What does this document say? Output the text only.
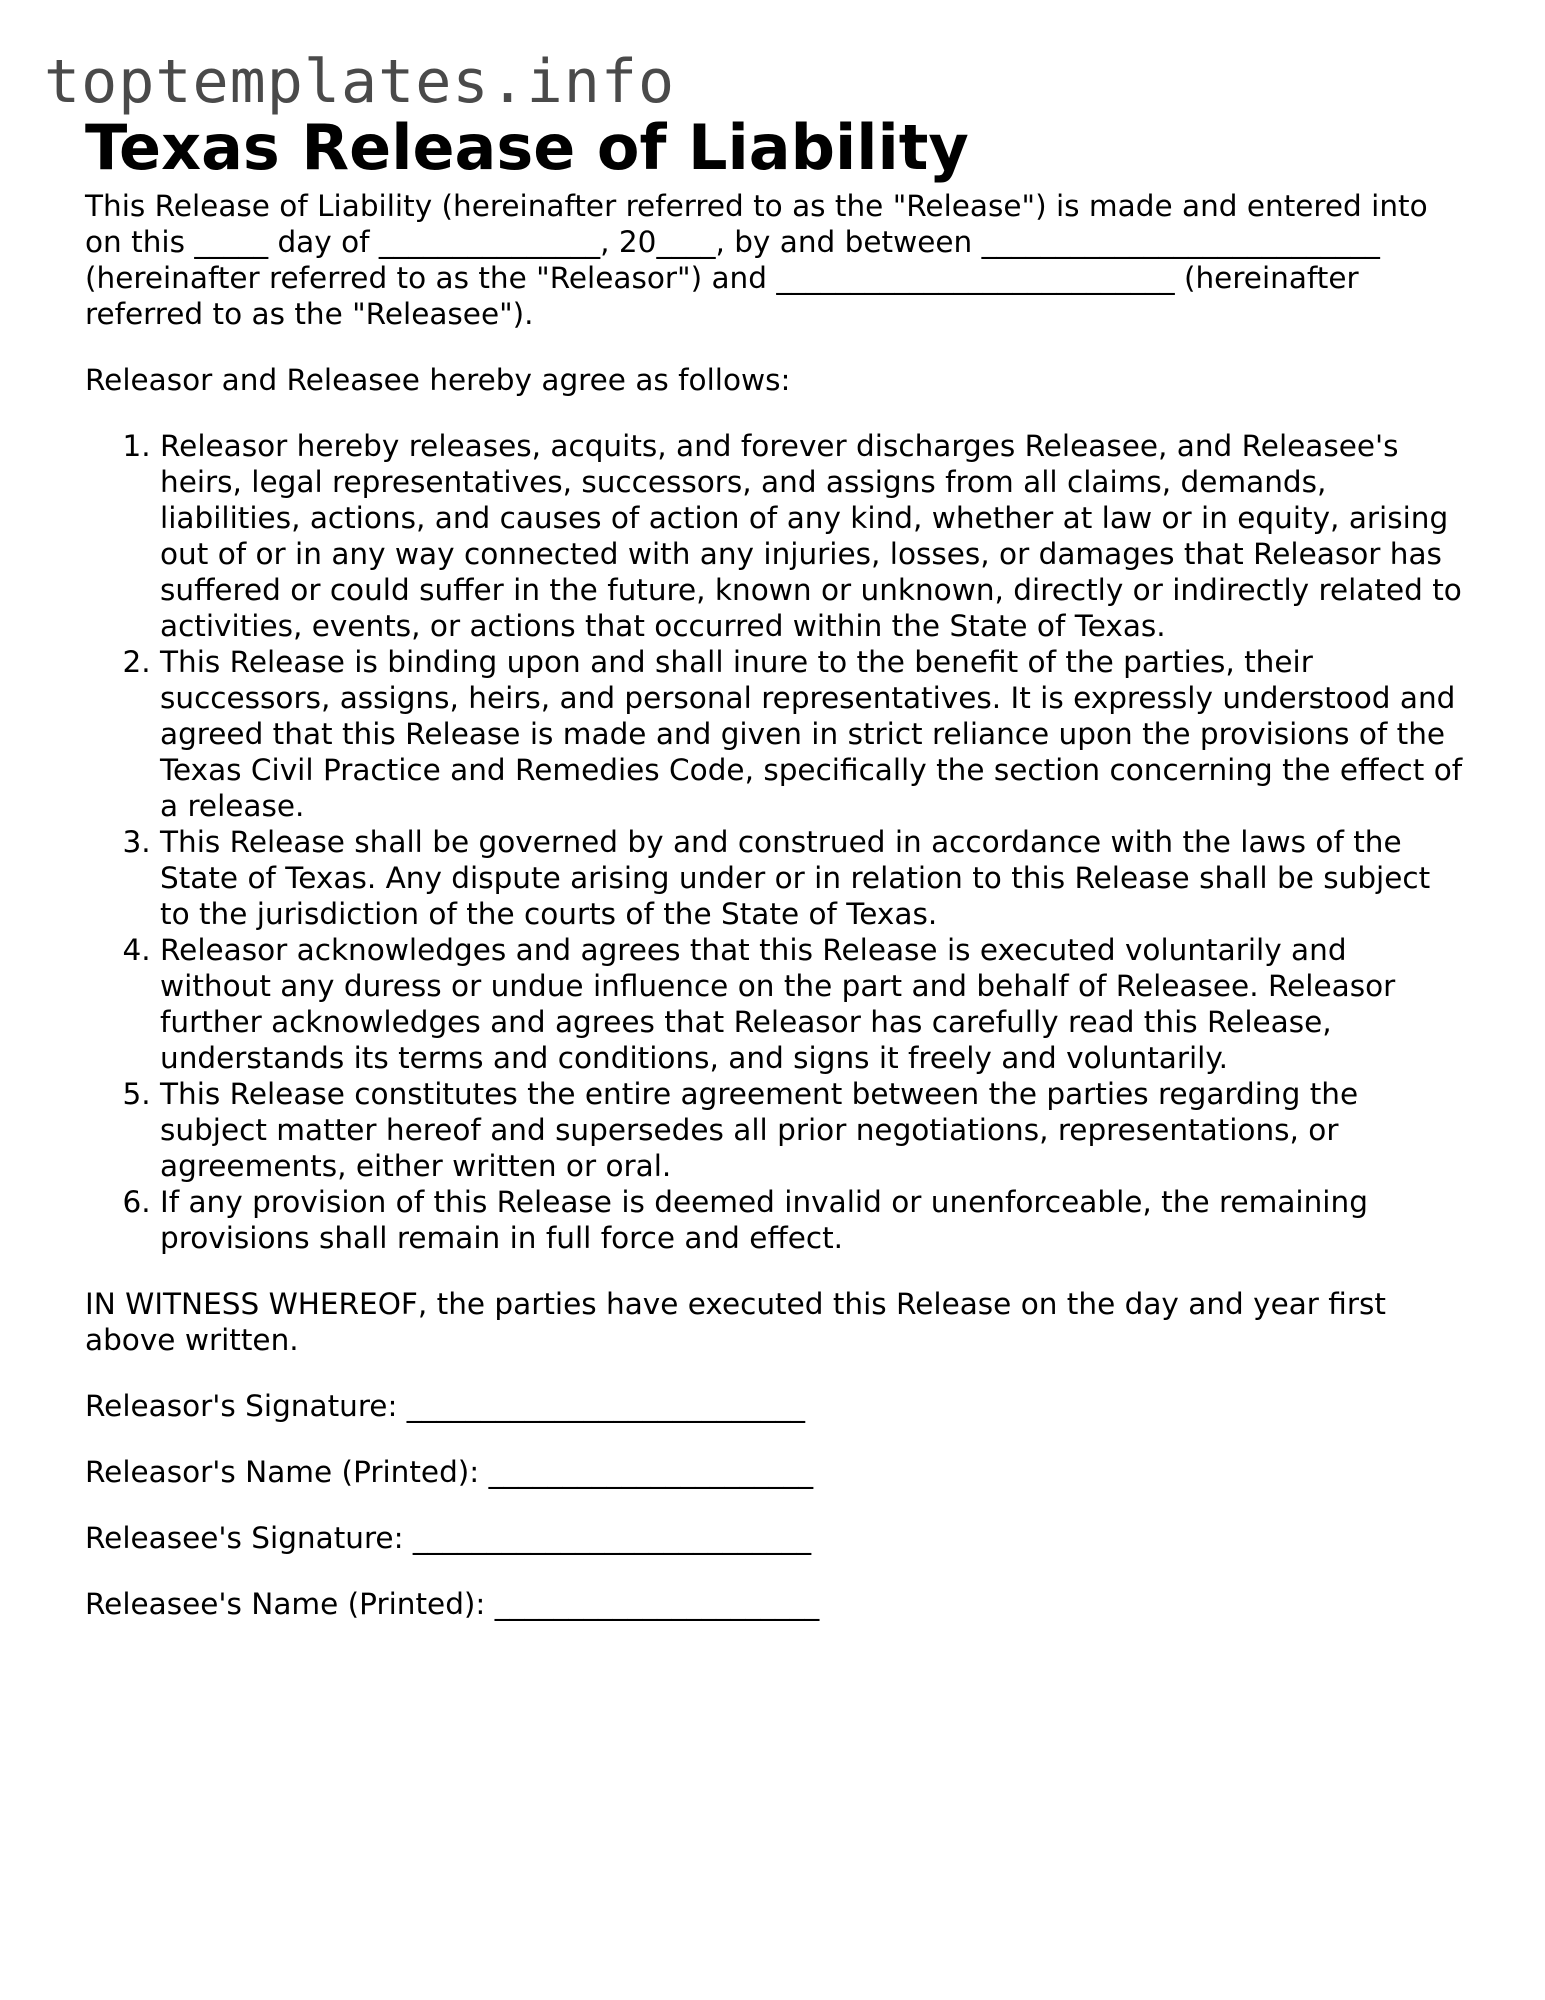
toptemplates.info
Texas Release of Liability

This Release of Liability (hereinafter referred to as the "Release") is made and entered into on this _____ day of _______________, 20____, by and between ___________________________ (hereinafter referred to as the "Releasor") and ___________________________ (hereinafter referred to as the "Releasee").

Releasor and Releasee hereby agree as follows:

1. Releasor hereby releases, acquits, and forever discharges Releasee, and Releasee's heirs, legal representatives, successors, and assigns from all claims, demands, liabilities, actions, and causes of action of any kind, whether at law or in equity, arising out of or in any way connected with any injuries, losses, or damages that Releasor has suffered or could suffer in the future, known or unknown, directly or indirectly related to activities, events, or actions that occurred within the State of Texas.
2. This Release is binding upon and shall inure to the benefit of the parties, their successors, assigns, heirs, and personal representatives. It is expressly understood and agreed that this Release is made and given in strict reliance upon the provisions of the Texas Civil Practice and Remedies Code, specifically the section concerning the effect of a release.
3. This Release shall be governed by and construed in accordance with the laws of the State of Texas. Any dispute arising under or in relation to this Release shall be subject to the jurisdiction of the courts of the State of Texas.
4. Releasor acknowledges and agrees that this Release is executed voluntarily and without any duress or undue influence on the part and behalf of Releasee. Releasor further acknowledges and agrees that Releasor has carefully read this Release, understands its terms and conditions, and signs it freely and voluntarily.
5. This Release constitutes the entire agreement between the parties regarding the subject matter hereof and supersedes all prior negotiations, representations, or agreements, either written or oral.
6. If any provision of this Release is deemed invalid or unenforceable, the remaining provisions shall remain in full force and effect.

IN WITNESS WHEREOF, the parties have executed this Release on the day and year first above written.

Releasor's Signature: ___________________________

Releasor's Name (Printed): ______________________

Releasee's Signature: ___________________________

Releasee's Name (Printed): ______________________
